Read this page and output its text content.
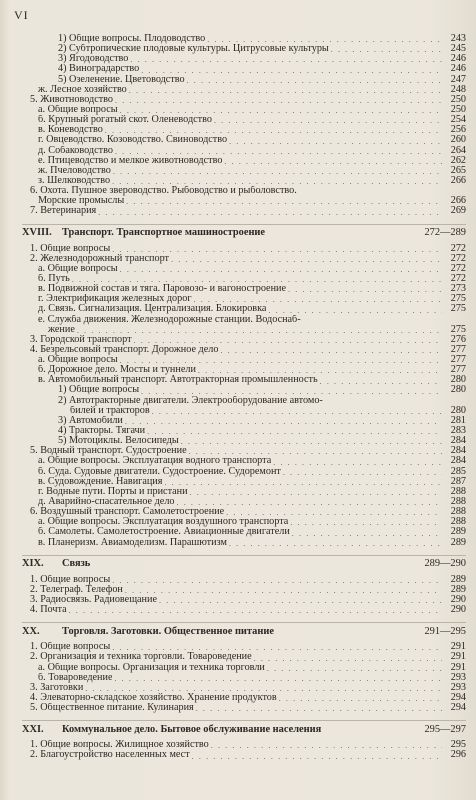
VI
1) Общие вопросы. Плодоводство . . .	243
2) Субтропические плодовые культуры. Цитрусовые культуры . . .	245
3) Ягодоводство . . .	246
4) Виноградарство . . .	246
5) Озеленение. Цветоводство . . .	247
ж. Лесное хозяйство . . .	248
5. Животноводство . . .	250
а. Общие вопросы . . .	250
б. Крупный рогатый скот. Оленеводство . . .	254
в. Коневодство . . .	256
г. Овцеводство. Козоводство. Свиноводство . . .	260
д. Собаководство . . .	264
е. Птицеводство и мелкое животноводство . . .	262
ж. Пчеловодство . . .	265
з. Шелководство . . .	266
6. Охота. Пушное звероводство. Рыбоводство и рыболовство.
Морские промыслы . . .	266
7. Ветеринария . . .	269
XVIII. Транспорт. Транспортное машиностроение	272—289
1. Общие вопросы . . .	272
2. Железнодорожный транспорт . . .	272
а. Общие вопросы . . .	272
б. Путь . . .	272
в. Подвижной состав и тяга. Паровозо- и вагоностроение . . .	273
г. Электрификация железных дорог . . .	275
д. Связь. Сигнализация. Централизация. Блокировка . . .	275
е. Служба движения. Железнодорожные станции. Водоснаб-
жение . . .	275
3. Городской транспорт . . .	276
4. Безрельсовый транспорт. Дорожное дело . . .	277
а. Общие вопросы . . .	277
б. Дорожное дело. Мосты и туннели . . .	277
в. Автомобильный транспорт. Автотракторная промышленность . . .	280
1) Общие вопросы . . .	280
2) Автотракторные двигатели. Электрооборудование автомо-
билей и тракторов . . .	280
3) Автомобили . . .	281
4) Тракторы. Тягачи . . .	283
5) Мотоциклы. Велосипеды . . .	284
5. Водный транспорт. Судостроение . . .	284
а. Общие вопросы. Эксплуатация водного транспорта . . .	284
б. Суда. Судовые двигатели. Судостроение. Судоремонт . . .	285
в. Судовождение. Навигация . . .	287
г. Водные пути. Порты и пристани . . .	288
д. Аварийно-спасательное дело . . .	288
6. Воздушный транспорт. Самолетостроение . . .	288
а. Общие вопросы. Эксплуатация воздушного транспорта . . .	288
б. Самолеты. Самолетостроение. Авиационные двигатели . . .	289
в. Планеризм. Авиамоделизм. Парашютизм . . .	289
XIX.	Связь	289—290
1. Общие вопросы . . .	289
2. Телеграф. Телефон . . .	289
3. Радиосвязь. Радиовещание . . .	290
4. Почта . . .	290
XX.	Торговля. Заготовки. Общественное питание	291—295
1. Общие вопросы . . .	291
2. Организация и техника торговли. Товароведение . . .	291
а. Общие вопросы. Организация и техника торговли . . .	291
б. Товароведение . . .	293
3. Заготовки . . .	293
4. Элеваторно-складское хозяйство. Хранение продуктов . . .	294
5. Общественное питание. Кулинария . . .	294
XXI.	Коммунальное дело. Бытовое обслуживание населения	295—297
1. Общие вопросы. Жилищное хозяйство . . .	295
2. Благоустройство населенных мест . . .	296
